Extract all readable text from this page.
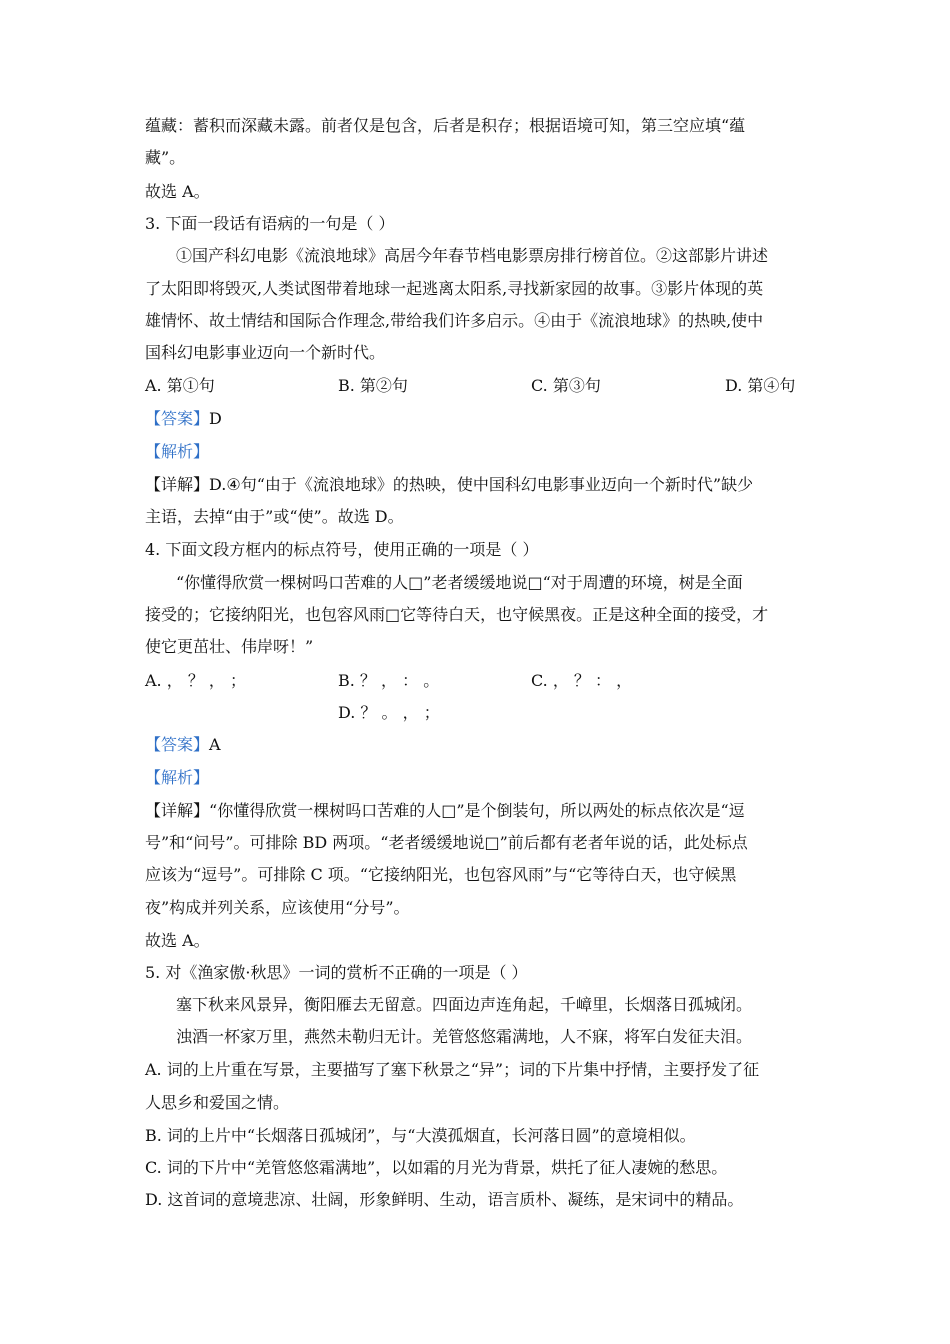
蕴藏：蓄积而深藏未露。前者仅是包含，后者是积存；根据语境可知，第三空应填“蕴
藏”。
故选 A。
3. 下面一段话有语病的一句是（ ）
①国产科幻电影《流浪地球》高居今年春节档电影票房排行榜首位。②这部影片讲述
了太阳即将毁灭,人类试图带着地球一起逃离太阳系,寻找新家园的故事。③影片体现的英
雄情怀、故土情结和国际合作理念,带给我们许多启示。④由于《流浪地球》的热映,使中
国科幻电影事业迈向一个新时代。
A. 第①句	B. 第②句	C. 第③句	D. 第④句
【答案】D
【解析】
【详解】D.④句“由于《流浪地球》的热映，使中国科幻电影事业迈向一个新时代”缺少
主语，去掉“由于”或“使”。故选 D。
4. 下面文段方框内的标点符号，使用正确的一项是（ ）
“你懂得欣赏一棵树吗口苦难的人□”老者缓缓地说□“对于周遭的环境，树是全面
接受的；它接纳阳光，也包容风雨□它等待白天，也守候黑夜。正是这种全面的接受，才
使它更茁壮、伟岸呀！”
A. ， ？ ， ；	B. ？ ， ： 。	C. ， ？ ： ，
D. ？ 。 ， ；
【答案】A
【解析】
【详解】“你懂得欣赏一棵树吗口苦难的人□”是个倒装句，所以两处的标点依次是“逗
号”和“问号”。可排除 BD 两项。“老者缓缓地说□”前后都有老者年说的话，此处标点
应该为“逗号”。可排除 C 项。“它接纳阳光，也包容风雨”与“它等待白天，也守候黑
夜”构成并列关系，应该使用“分号”。
故选 A。
5. 对《渔家傲·秋思》一词的赏析不正确的一项是（ ）
塞下秋来风景异，衡阳雁去无留意。四面边声连角起，千嶂里，长烟落日孤城闭。
浊酒一杯家万里，燕然未勒归无计。羌管悠悠霜满地，人不寐，将军白发征夫泪。
A. 词的上片重在写景，主要描写了塞下秋景之“异”；词的下片集中抒情，主要抒发了征
人思乡和爱国之情。
B. 词的上片中“长烟落日孤城闭”，与“大漠孤烟直，长河落日圆”的意境相似。
C. 词的下片中“羌管悠悠霜满地”，以如霜的月光为背景，烘托了征人凄婉的愁思。
D. 这首词的意境悲凉、壮阔，形象鲜明、生动，语言质朴、凝练，是宋词中的精品。
